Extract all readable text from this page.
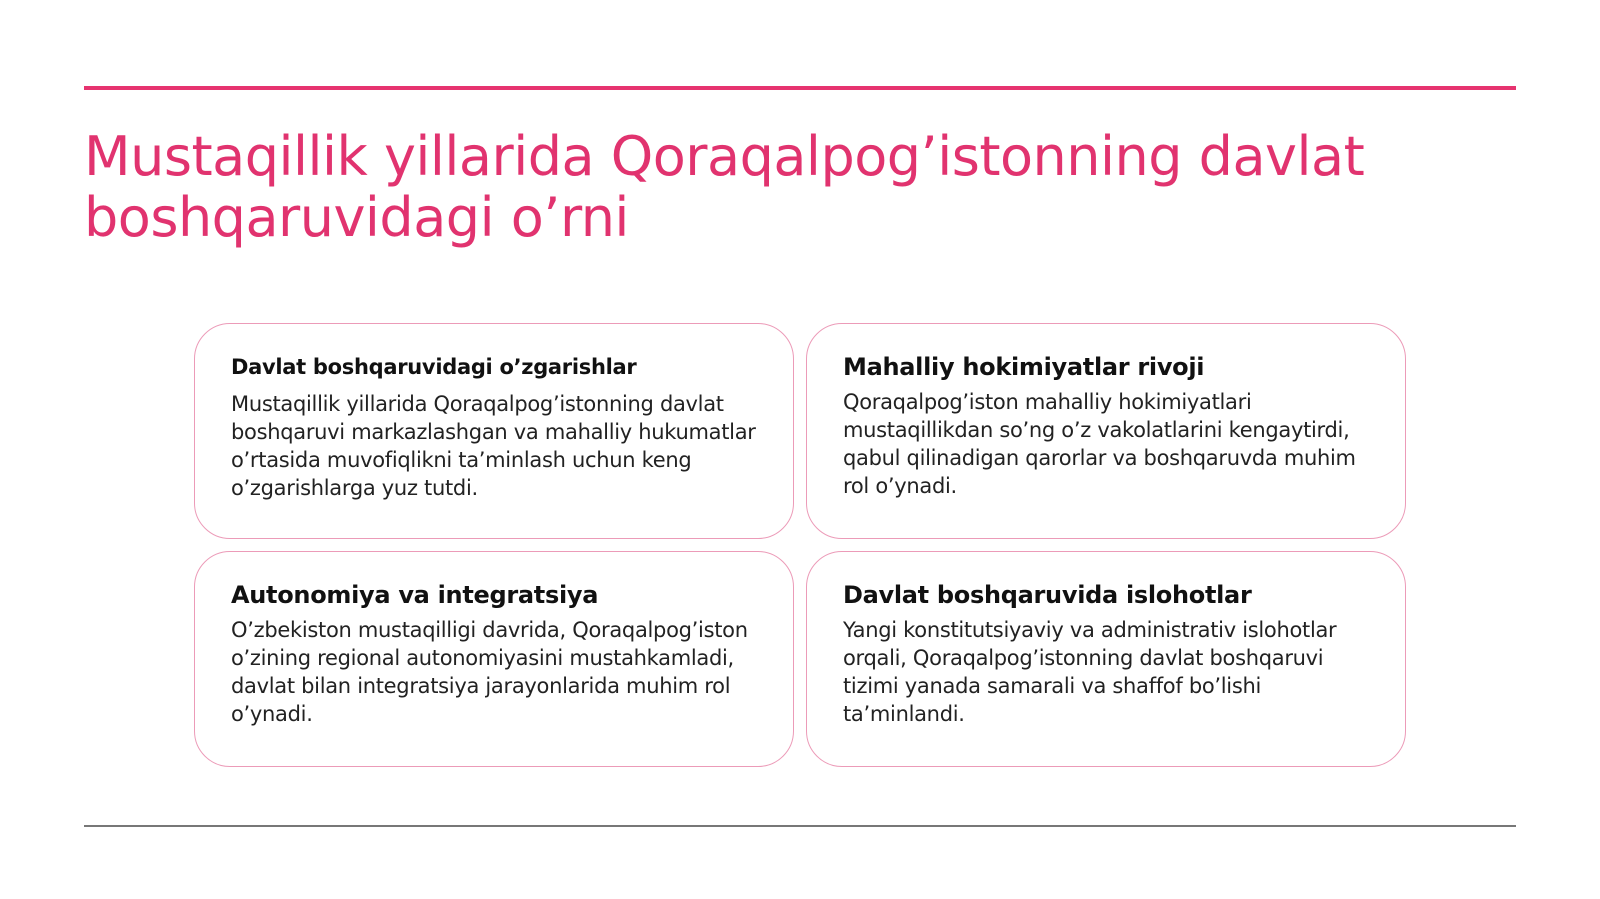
Mustaqillik yillarida Qoraqalpog’istonning davlat boshqaruvidagi o’rni
Davlat boshqaruvidagi o’zgarishlar

Mustaqillik yillarida Qoraqalpog’istonning davlat boshqaruvi markazlashgan va mahalliy hukumatlar o’rtasida muvofiqlikni ta’minlash uchun keng o’zgarishlarga yuz tutdi.

Mahalliy hokimiyatlar rivoji

Qoraqalpog’iston mahalliy hokimiyatlari mustaqillikdan so’ng o’z vakolatlarini kengaytirdi, qabul qilinadigan qarorlar va boshqaruvda muhim rol o’ynadi.

Autonomiya va integratsiya

O’zbekiston mustaqilligi davrida, Qoraqalpog’iston o’zining regional autonomiyasini mustahkamladi, davlat bilan integratsiya jarayonlarida muhim rol o’ynadi.

Davlat boshqaruvida islohotlar

Yangi konstitutsiyaviy va administrativ islohotlar orqali, Qoraqalpog’istonning davlat boshqaruvi tizimi yanada samarali va shaffof bo’lishi ta’minlandi.
